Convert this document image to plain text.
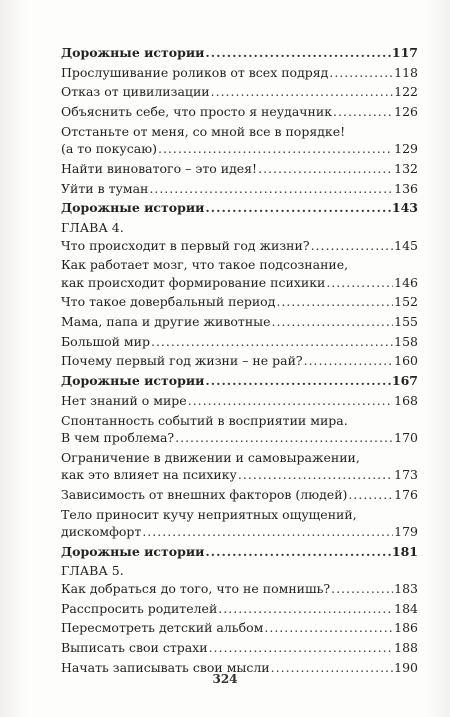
Дорожные истории .....	117
Прослушивание роликов от всех подряд .....	118
Отказ от цивилизации .....	122
Объяснить себе, что просто я неудачник .....	126
Отстаньте от меня, со мной все в порядке!
(а то покусаю) .....	129
Найти виноватого – это идея! .....	132
Уйти в туман .....	136
Дорожные истории .....	143
ГЛАВА 4.
Что происходит в первый год жизни? .....	145
Как работает мозг, что такое подсознание,
как происходит формирование психики .....	146
Что такое довербальный период .....	152
Мама, папа и другие животные .....	155
Большой мир .....	158
Почему первый год жизни – не рай? .....	160
Дорожные истории .....	167
Нет знаний о мире .....	168
Спонтанность событий в восприятии мира.
В чем проблема? .....	170
Ограничение в движении и самовыражении,
как это влияет на психику .....	173
Зависимость от внешних факторов (людей) .....	176
Тело приносит кучу неприятных ощущений,
дискомфорт .....	179
Дорожные истории .....	181
ГЛАВА 5.
Как добраться до того, что не помнишь? .....	183
Расспросить родителей .....	184
Пересмотреть детский альбом .....	186
Выписать свои страхи .....	188
Начать записывать свои мысли .....	190
324
